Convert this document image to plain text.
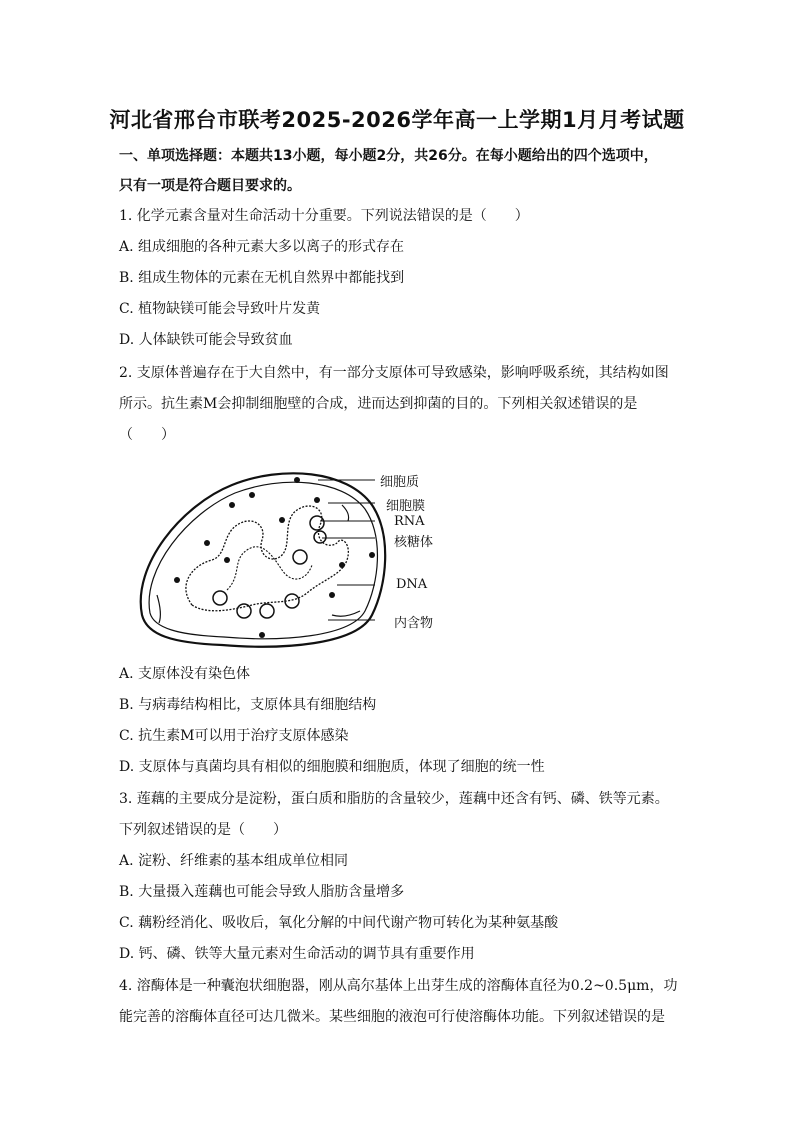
河北省邢台市联考2025-2026学年高一上学期1月月考试题
一、单项选择题：本题共13小题，每小题2分，共26分。在每小题给出的四个选项中，
只有一项是符合题目要求的。
1. 化学元素含量对生命活动十分重要。下列说法错误的是（　　）
A. 组成细胞的各种元素大多以离子的形式存在
B. 组成生物体的元素在无机自然界中都能找到
C. 植物缺镁可能会导致叶片发黄
D. 人体缺铁可能会导致贫血
2. 支原体普遍存在于大自然中，有一部分支原体可导致感染，影响呼吸系统，其结构如图
所示。抗生素M会抑制细胞壁的合成，进而达到抑菌的目的。下列相关叙述错误的是
（　　）
细胞质
细胞膜
RNA
核糖体
DNA
内含物
A. 支原体没有染色体
B. 与病毒结构相比，支原体具有细胞结构
C. 抗生素M可以用于治疗支原体感染
D. 支原体与真菌均具有相似的细胞膜和细胞质，体现了细胞的统一性
3. 莲藕的主要成分是淀粉，蛋白质和脂肪的含量较少，莲藕中还含有钙、磷、铁等元素。
下列叙述错误的是（　　）
A. 淀粉、纤维素的基本组成单位相同
B. 大量摄入莲藕也可能会导致人脂肪含量增多
C. 藕粉经消化、吸收后，氧化分解的中间代谢产物可转化为某种氨基酸
D. 钙、磷、铁等大量元素对生命活动的调节具有重要作用
4. 溶酶体是一种囊泡状细胞器，刚从高尔基体上出芽生成的溶酶体直径为0.2~0.5μm，功
能完善的溶酶体直径可达几微米。某些细胞的液泡可行使溶酶体功能。下列叙述错误的是
